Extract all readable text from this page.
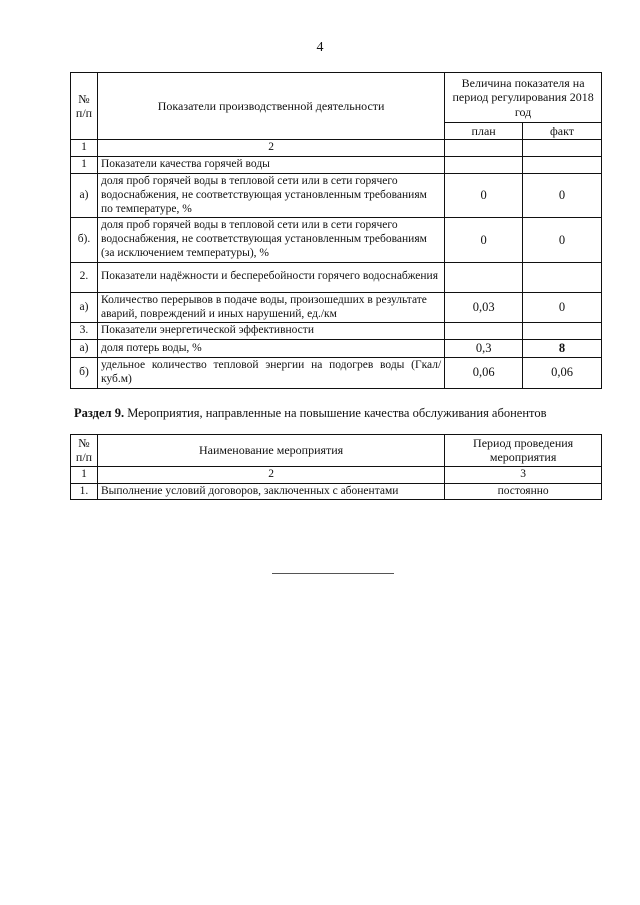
4
№ п/п	Показатели производственной деятельности	Величина показателя на период регулирования 2018 год	
		план	факт
1	2		
1	Показатели качества горячей воды		
а)	доля проб горячей воды в тепловой сети или в сети горячего водоснабжения, не соответствующая установленным требованиям по температуре, %	0	0
б).	доля проб горячей воды в тепловой сети или в сети горячего водоснабжения, не соответствующая установленным требованиям (за исключением температуры), %	0	0
2.	Показатели надёжности и бесперебойности горячего водоснабжения		
а)	Количество перерывов в подаче воды, произошедших в результате аварий, повреждений и иных нарушений, ед./км	0,03	0
3.	Показатели энергетической эффективности		
а)	доля потерь воды, %	0,3	8
б)	удельное количество тепловой энергии на подогрев воды (Гкал/куб.м)	0,06	0,06
Раздел 9. Мероприятия, направленные на повышение качества обслуживания абонентов
№ п/п	Наименование мероприятия	Период проведения мероприятия
1	2	3
1.	Выполнение условий договоров, заключенных с абонентами	постоянно
